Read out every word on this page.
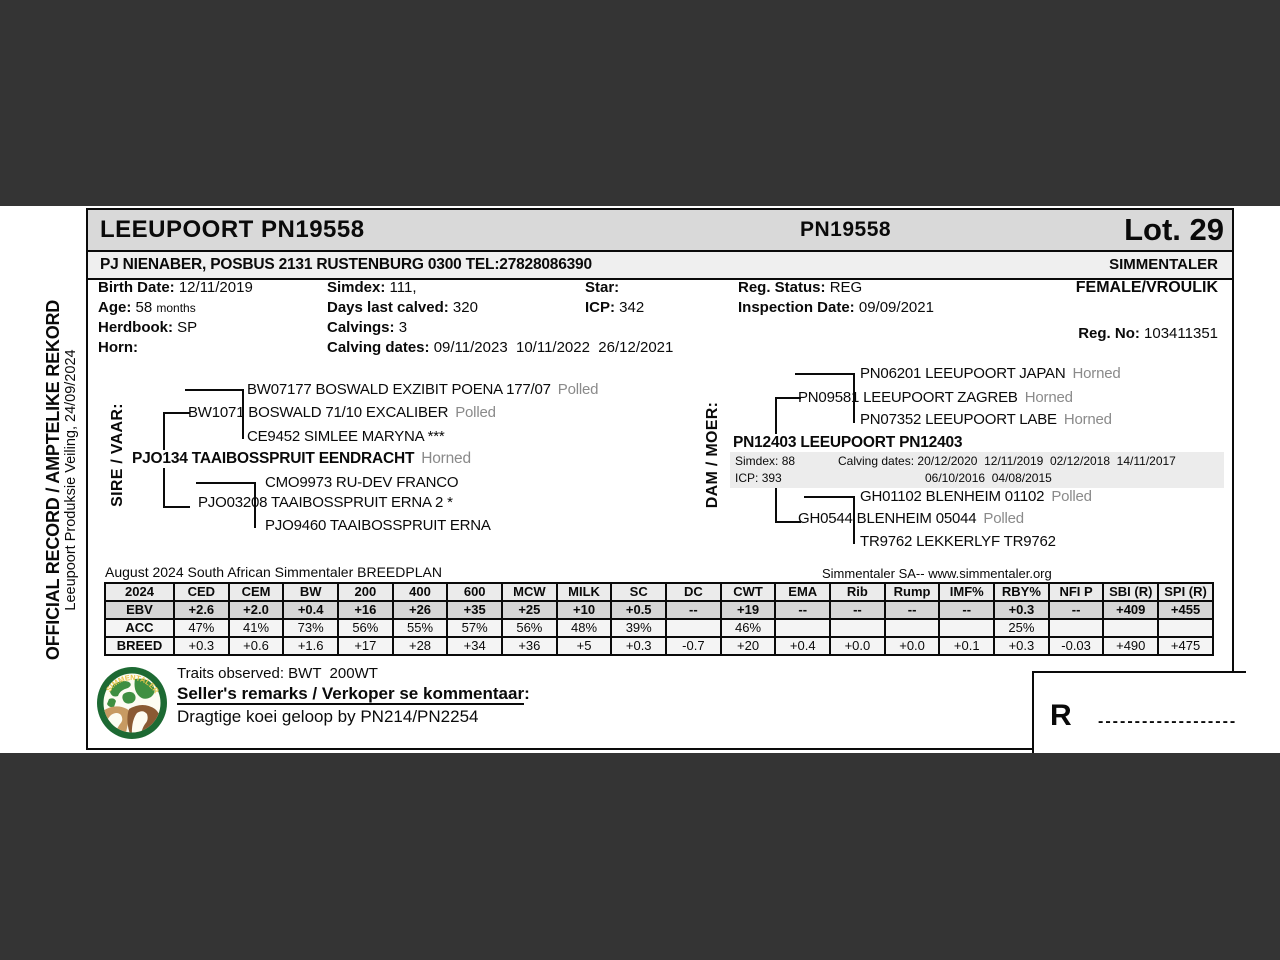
OFFICIAL RECORD / AMPTELIKE REKORD Leeupoort Produksie Veiling, 24/09/2024
LEEUPOORT PN19558	PN19558	Lot. 29
PJ NIENABER, POSBUS 2131 RUSTENBURG 0300 TEL:27828086390	SIMMENTALER
Birth Date: 12/11/2019
Age: 58 months
Herdbook: SP
Horn:
Simdex: 111,
Days last calved: 320
Calvings: 3
Calving dates: 09/11/2023  10/11/2022  26/12/2021
Star:
ICP: 342
Reg. Status: REG
Inspection Date: 09/09/2021
FEMALE/VROULIK
Reg. No: 103411351
SIRE / VAAR:
BW07177 BOSWALD EXZIBIT POENA 177/07 Polled
BW1071 BOSWALD 71/10 EXCALIBER Polled
CE9452 SIMLEE MARYNA ***
PJO134 TAAIBOSSPRUIT EENDRACHT Horned
CMO9973 RU-DEV FRANCO
PJO03208 TAAIBOSSPRUIT ERNA 2 *
PJO9460 TAAIBOSSPRUIT ERNA
DAM / MOER:
PN06201 LEEUPOORT JAPAN Horned
PN09581 LEEUPOORT ZAGREB Horned
PN07352 LEEUPOORT LABE Horned
PN12403 LEEUPOORT PN12403
Simdex: 88
ICP: 393
Calving dates: 20/12/2020  12/11/2019  02/12/2018  14/11/2017
06/10/2016  04/08/2015
GH01102 BLENHEIM 01102 Polled
GH0544 BLENHEIM 05044 Polled
TR9762 LEKKERLYF TR9762
August 2024 South African Simmentaler BREEDPLAN	Simmentaler SA-- www.simmentaler.org
2024	CED	CEM	BW	200	400	600	MCW	MILK	SC	DC	CWT	EMA	Rib	Rump	IMF%	RBY%	NFI P	SBI (R)	SPI (R)
EBV	+2.6	+2.0	+0.4	+16	+26	+35	+25	+10	+0.5	--	+19	--	--	--	--	+0.3	--	+409	+455
ACC	47%	41%	73%	56%	55%	57%	56%	48%	39%		46%					25%			
BREED	+0.3	+0.6	+1.6	+17	+28	+34	+36	+5	+0.3	-0.7	+20	+0.4	+0.0	+0.0	+0.1	+0.3	-0.03	+490	+475
Traits observed: BWT  200WT
Seller's remarks / Verkoper se kommentaar:
Dragtige koei geloop by PN214/PN2254
SIMMENTALER
R -------------------
